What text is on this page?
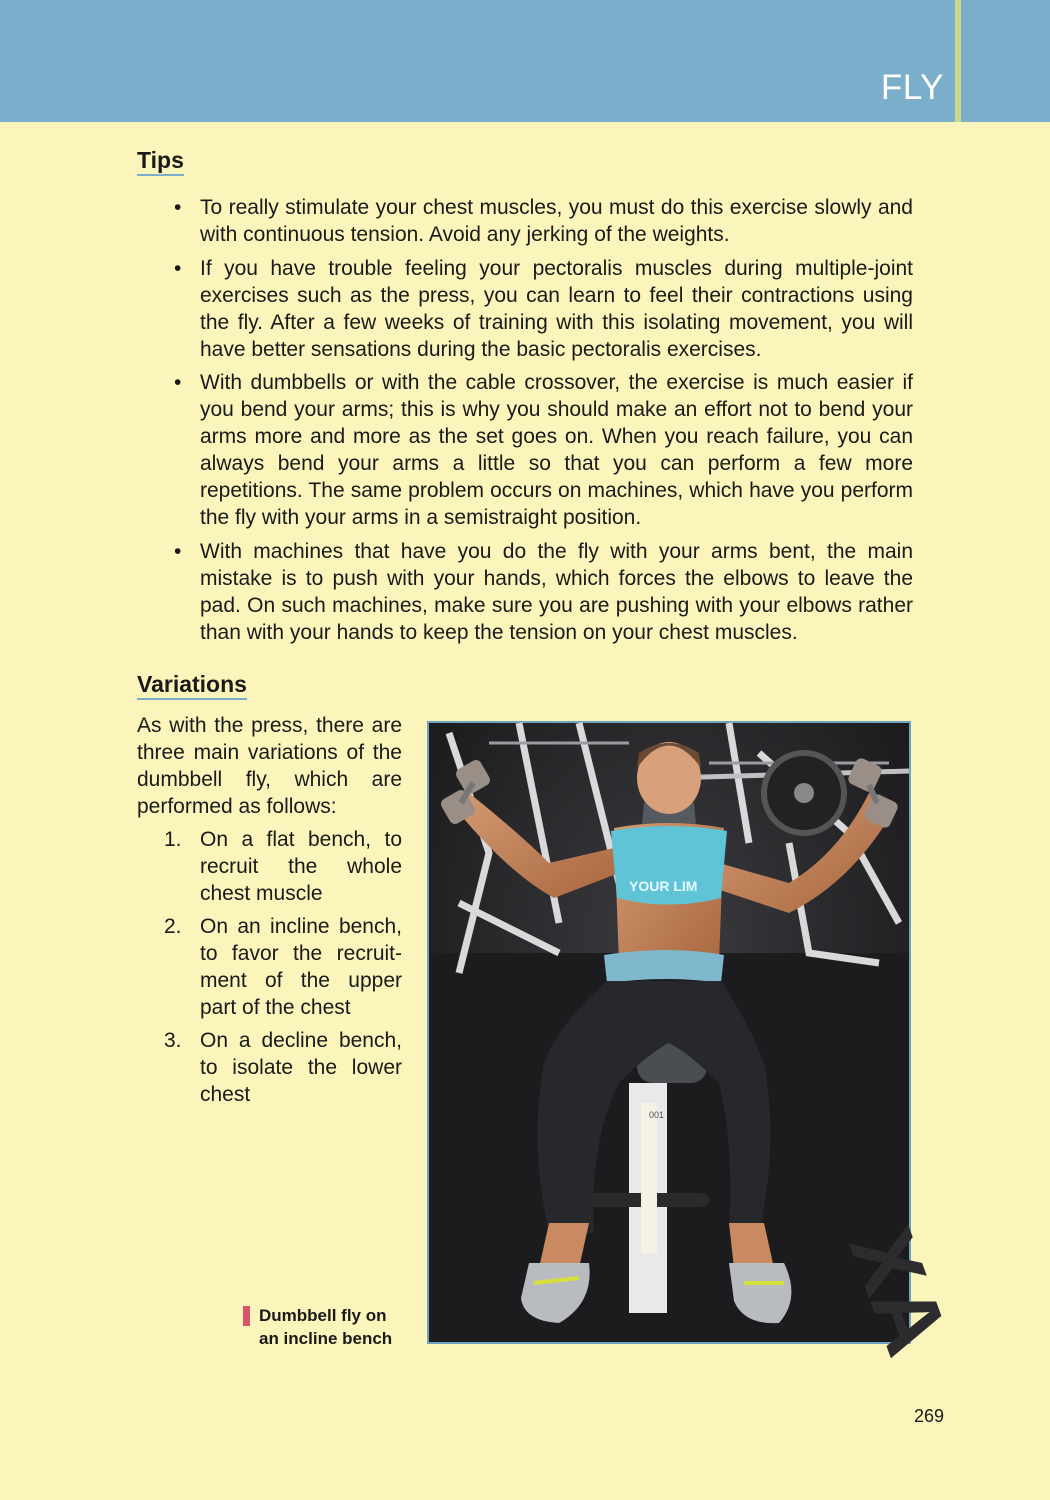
FLY
Tips
• To really stimulate your chest muscles, you must do this exercise slowly and with continuous tension. Avoid any jerking of the weights.
• If you have trouble feeling your pectoralis muscles during multiple-joint exercises such as the press, you can learn to feel their contractions using the fly. After a few weeks of training with this isolating movement, you will have better sensations during the basic pectoralis exercises.
• With dumbbells or with the cable crossover, the exercise is much easier if you bend your arms; this is why you should make an effort not to bend your arms more and more as the set goes on. When you reach failure, you can always bend your arms a little so that you can perform a few more repetitions. The same problem occurs on machines, which have you perform the fly with your arms in a semistraight position.
• With machines that have you do the fly with your arms bent, the main mistake is to push with your hands, which forces the elbows to leave the pad. On such machines, make sure you are pushing with your elbows rather than with your hands to keep the tension on your chest muscles.
Variations

As with the press, there are three main variations of the dumbbell fly, which are performed as follows:

1. On a flat bench, to recruit the whole chest muscle
2. On an incline bench, to favor the recruit-ment of the upper part of the chest
3. On a decline bench, to isolate the lower chest
XA
001
YOUR LIM
Dumbbell fly on
an incline bench
269
